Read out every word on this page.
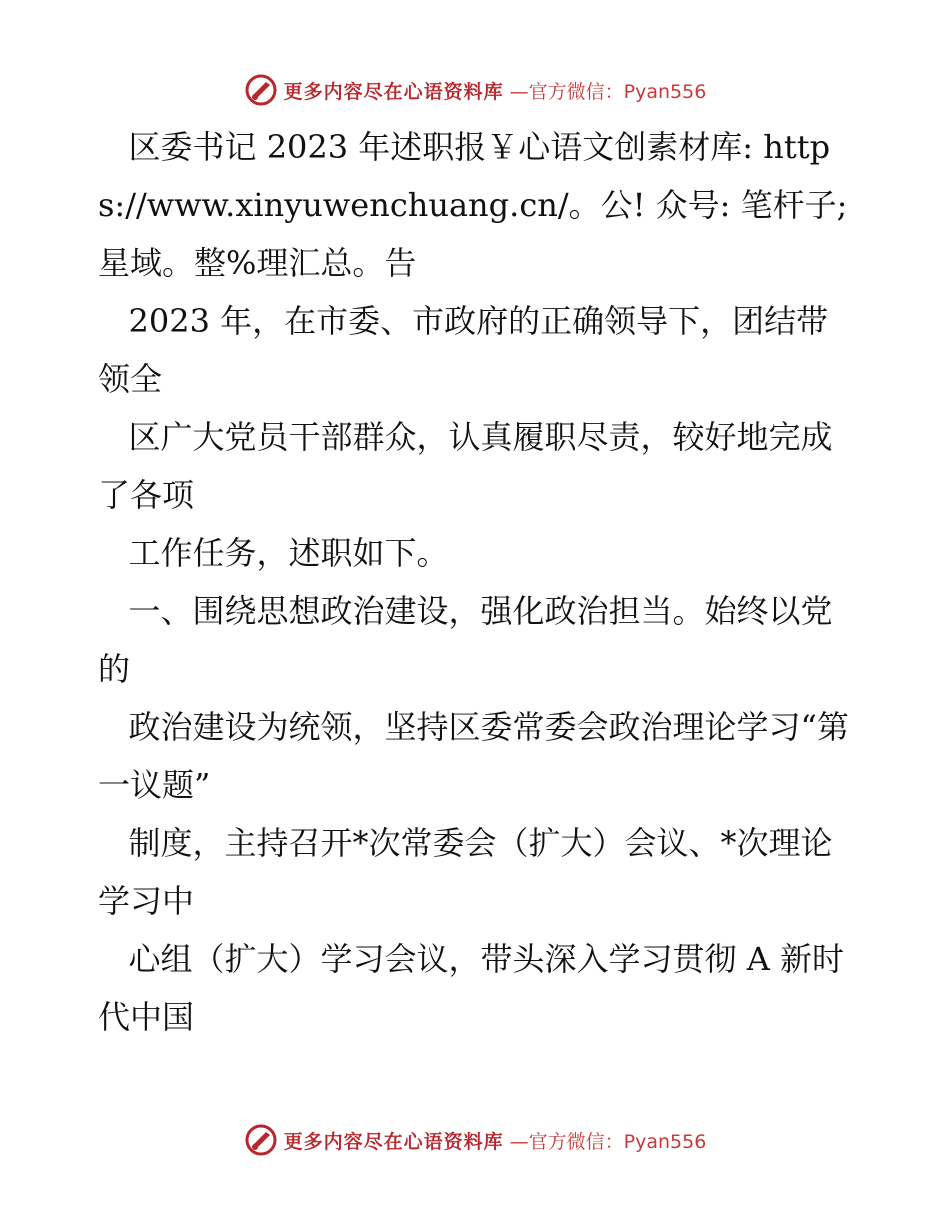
更多内容尽在心语资料库 —官方微信：Pyan556

区委书记 2023 年述职报￥心语文创素材库: https://www.xinyuwenchuang.cn/。公! 众号: 笔杆子;星域。整%理汇总。告

2023 年，在市委、市政府的正确领导下，团结带领全

区广大党员干部群众，认真履职尽责，较好地完成了各项

工作任务，述职如下。

一、围绕思想政治建设，强化政治担当。始终以党的

政治建设为统领，坚持区委常委会政治理论学习“第一议题”

制度，主持召开*次常委会（扩大）会议、*次理论学习中

心组（扩大）学习会议，带头深入学习贯彻 A 新时代中国

更多内容尽在心语资料库 —官方微信：Pyan556
